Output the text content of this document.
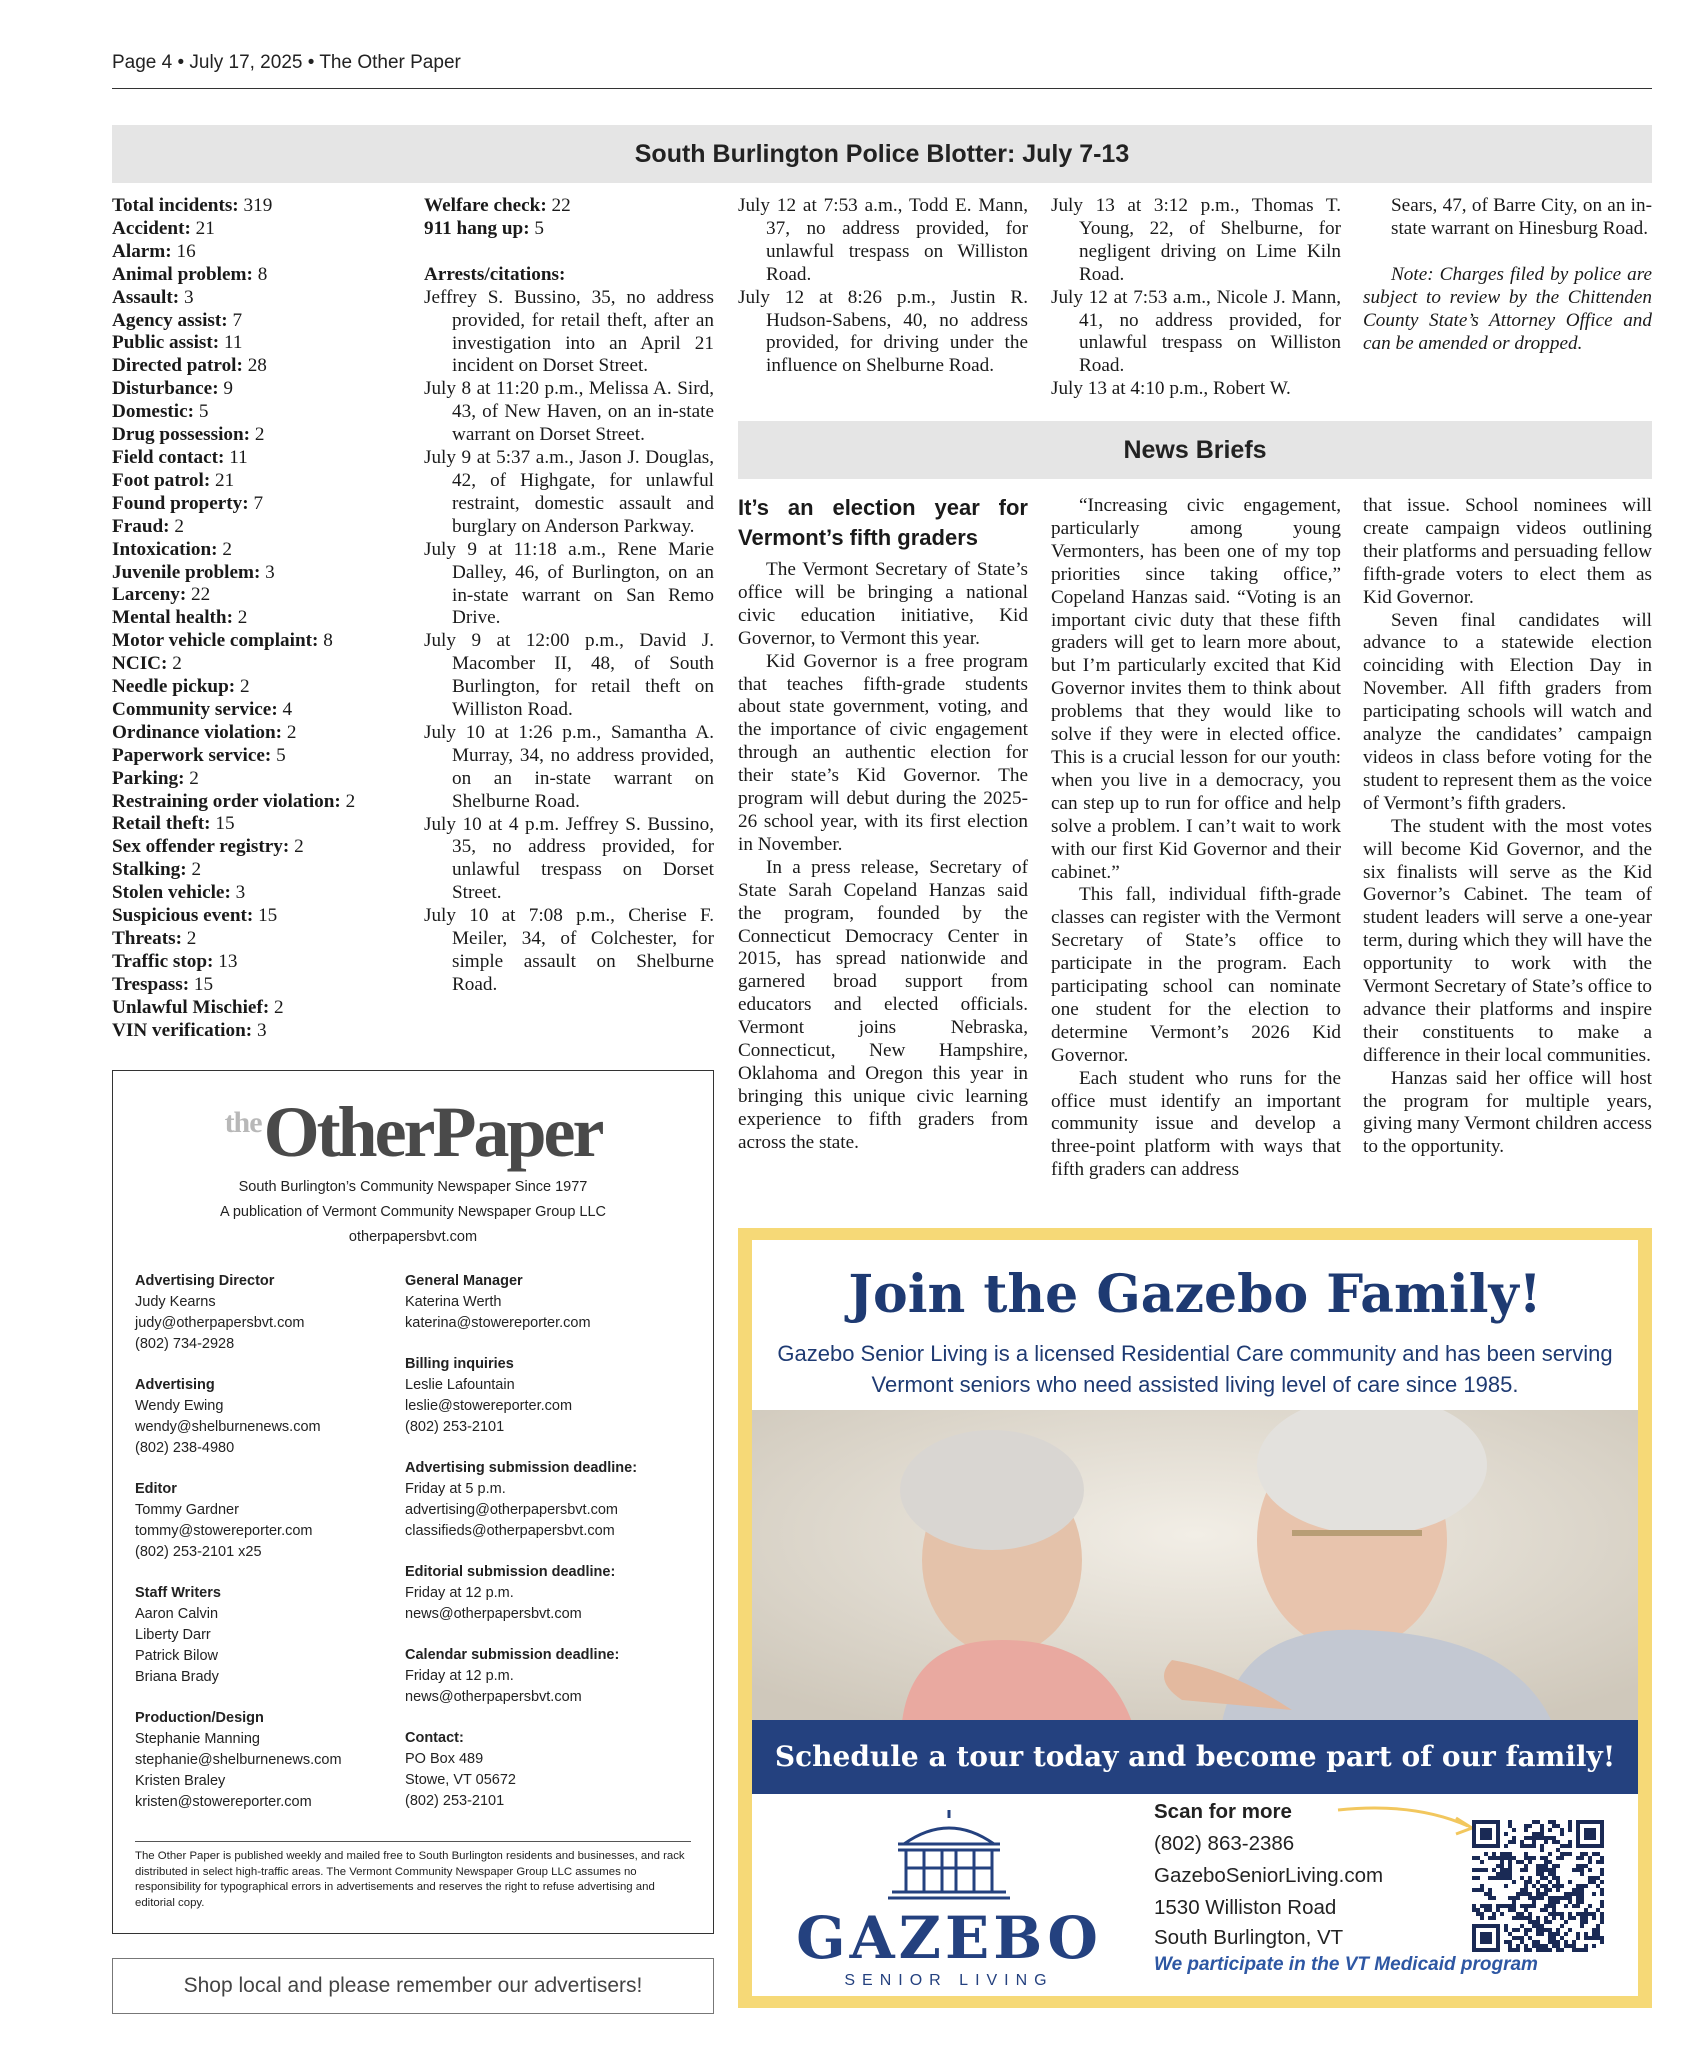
Page 4 • July 17, 2025 • The Other Paper
South Burlington Police Blotter: July 7-13
Total incidents: 319
Accident: 21
Alarm: 16
Animal problem: 8
Assault: 3
Agency assist: 7
Public assist: 11
Directed patrol: 28
Disturbance: 9
Domestic: 5
Drug possession: 2
Field contact: 11
Foot patrol: 21
Found property: 7
Fraud: 2
Intoxication: 2
Juvenile problem: 3
Larceny: 22
Mental health: 2
Motor vehicle complaint: 8
NCIC: 2
Needle pickup: 2
Community service: 4
Ordinance violation: 2
Paperwork service: 5
Parking: 2
Restraining order violation: 2
Retail theft: 15
Sex offender registry: 2
Stalking: 2
Stolen vehicle: 3
Suspicious event: 15
Threats: 2
Traffic stop: 13
Trespass: 15
Unlawful Mischief: 2
VIN verification: 3
Welfare check: 22
911 hang up: 5
Arrests/citations:
Jeffrey S. Bussino, 35, no address provided, for retail theft, after an investigation into an April 21 incident on Dorset Street.
July 8 at 11:20 p.m., Melissa A. Sird, 43, of New Haven, on an in-state warrant on Dorset Street.
July 9 at 5:37 a.m., Jason J. Douglas, 42, of Highgate, for unlawful restraint, domestic assault and burglary on Anderson Parkway.
July 9 at 11:18 a.m., Rene Marie Dalley, 46, of Burlington, on an in-state warrant on San Remo Drive.
July 9 at 12:00 p.m., David J. Macomber II, 48, of South Burlington, for retail theft on Williston Road.
July 10 at 1:26 p.m., Samantha A. Murray, 34, no address provided, on an in-state warrant on Shelburne Road.
July 10 at 4 p.m. Jeffrey S. Bussino, 35, no address provided, for unlawful trespass on Dorset Street.
July 10 at 7:08 p.m., Cherise F. Meiler, 34, of Colchester, for simple assault on Shelburne Road.
July 12 at 7:53 a.m., Todd E. Mann, 37, no address provided, for unlawful trespass on Williston Road.
July 12 at 8:26 p.m., Justin R. Hudson-Sabens, 40, no address provided, for driving under the influence on Shelburne Road.
July 13 at 3:12 p.m., Thomas T. Young, 22, of Shelburne, for negligent driving on Lime Kiln Road.
July 12 at 7:53 a.m., Nicole J. Mann, 41, no address provided, for unlawful trespass on Williston Road.
July 13 at 4:10 p.m., Robert W.
Sears, 47, of Barre City, on an in-state warrant on Hinesburg Road.
Note: Charges filed by police are subject to review by the Chittenden County State’s Attorney Office and can be amended or dropped.
News Briefs
It’s an election year for Vermont’s fifth graders

The Vermont Secretary of State’s office will be bringing a national civic education initiative, Kid Governor, to Vermont this year.

Kid Governor is a free program that teaches fifth-grade students about state government, voting, and the importance of civic engagement through an authentic election for their state’s Kid Governor. The program will debut during the 2025-26 school year, with its first election in November.

In a press release, Secretary of State Sarah Copeland Hanzas said the program, founded by the Connecticut Democracy Center in 2015, has spread nationwide and garnered broad support from educators and elected officials. Vermont joins Nebraska, Connecticut, New Hampshire, Oklahoma and Oregon this year in bringing this unique civic learning experience to fifth graders from across the state.

“Increasing civic engagement, particularly among young Vermonters, has been one of my top priorities since taking office,” Copeland Hanzas said. “Voting is an important civic duty that these fifth graders will get to learn more about, but I’m particularly excited that Kid Governor invites them to think about problems that they would like to solve if they were in elected office. This is a crucial lesson for our youth: when you live in a democracy, you can step up to run for office and help solve a problem. I can’t wait to work with our first Kid Governor and their cabinet.”

This fall, individual fifth-grade classes can register with the Vermont Secretary of State’s office to participate in the program. Each participating school can nominate one student for the election to determine Vermont’s 2026 Kid Governor.

Each student who runs for the office must identify an important community issue and develop a three-point platform with ways that fifth graders can address

that issue. School nominees will create campaign videos outlining their platforms and persuading fellow fifth-grade voters to elect them as Kid Governor.

Seven final candidates will advance to a statewide election coinciding with Election Day in November. All fifth graders from participating schools will watch and analyze the candidates’ campaign videos in class before voting for the student to represent them as the voice of Vermont’s fifth graders.

The student with the most votes will become Kid Governor, and the six finalists will serve as the Kid Governor’s Cabinet. The team of student leaders will serve a one-year term, during which they will have the opportunity to work with the Vermont Secretary of State’s office to advance their platforms and inspire their constituents to make a difference in their local communities.

Hanzas said her office will host the program for multiple years, giving many Vermont children access to the opportunity.

$^{the}$OtherPaper
South Burlington’s Community Newspaper Since 1977
A publication of Vermont Community Newspaper Group LLC
otherpapersbvt.com
Advertising Director
Judy Kearns
judy@otherpapersbvt.com
(802) 734-2928
Advertising
Wendy Ewing
wendy@shelburnenews.com
(802) 238-4980
Editor
Tommy Gardner
tommy@stowereporter.com
(802) 253-2101 x25
Staff Writers
Aaron Calvin
Liberty Darr
Patrick Bilow
Briana Brady
Production/Design
Stephanie Manning
stephanie@shelburnenews.com
Kristen Braley
kristen@stowereporter.com
General Manager
Katerina Werth
katerina@stowereporter.com
Billing inquiries
Leslie Lafountain
leslie@stowereporter.com
(802) 253-2101
Advertising submission deadline:
Friday at 5 p.m.
advertising@otherpapersbvt.com
classifieds@otherpapersbvt.com
Editorial submission deadline:
Friday at 12 p.m.
news@otherpapersbvt.com
Calendar submission deadline:
Friday at 12 p.m.
news@otherpapersbvt.com
Contact:
PO Box 489
Stowe, VT 05672
(802) 253-2101
The Other Paper is published weekly and mailed free to South Burlington residents and businesses, and rack distributed in select high-traffic areas. The Vermont Community Newspaper Group LLC assumes no responsibility for typographical errors in advertisements and reserves the right to refuse advertising and editorial copy.
Shop local and please remember our advertisers!
Join the Gazebo Family!
Gazebo Senior Living is a licensed Residential Care community and has been serving Vermont seniors who need assisted living level of care since 1985.
Schedule a tour today and become part of our family!
GAZEBO
SENIOR LIVING
Scan for more
(802) 863-2386
GazeboSeniorLiving.com
1530 Williston Road
South Burlington, VT
We participate in the VT Medicaid program
